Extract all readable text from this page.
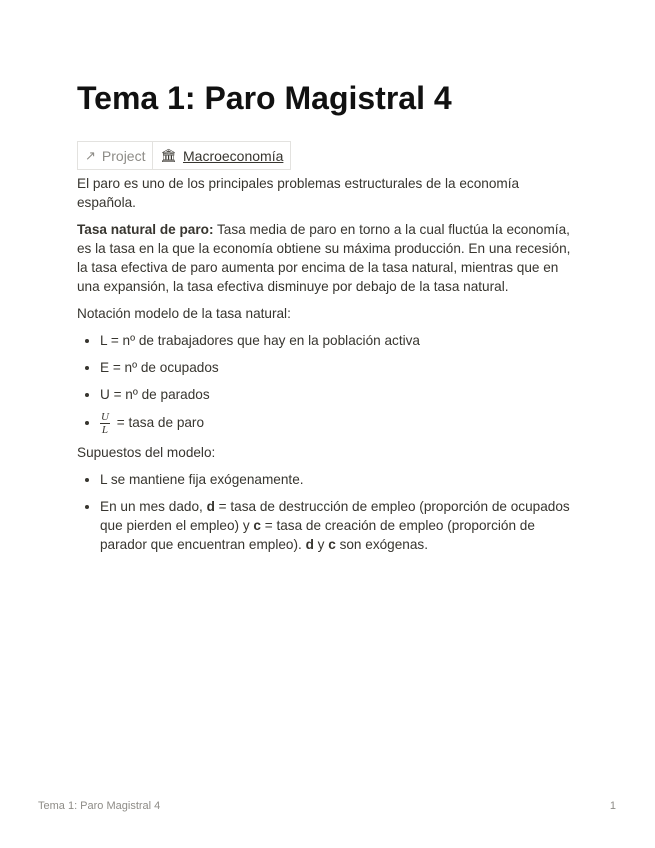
Tema 1: Paro Magistral 4
↗ Project 🏛 Macroeconomía

El paro es uno de los principales problemas estructurales de la economía española.

Tasa natural de paro: Tasa media de paro en torno a la cual fluctúa la economía, es la tasa en la que la economía obtiene su máxima producción. En una recesión, la tasa efectiva de paro aumenta por encima de la tasa natural, mientras que en una expansión, la tasa efectiva disminuye por debajo de la tasa natural.

Notación modelo de la tasa natural:

• L = nº de trabajadores que hay en la población activa
• E = nº de ocupados
• U = nº de parados
• $\frac{U}{L}$ = tasa de paro

Supuestos del modelo:

• L se mantiene fija exógenamente.
• En un mes dado, d = tasa de destrucción de empleo (proporción de ocupados que pierden el empleo) y c = tasa de creación de empleo (proporción de parador que encuentran empleo). d y c son exógenas.
Tema 1: Paro Magistral 4	1
